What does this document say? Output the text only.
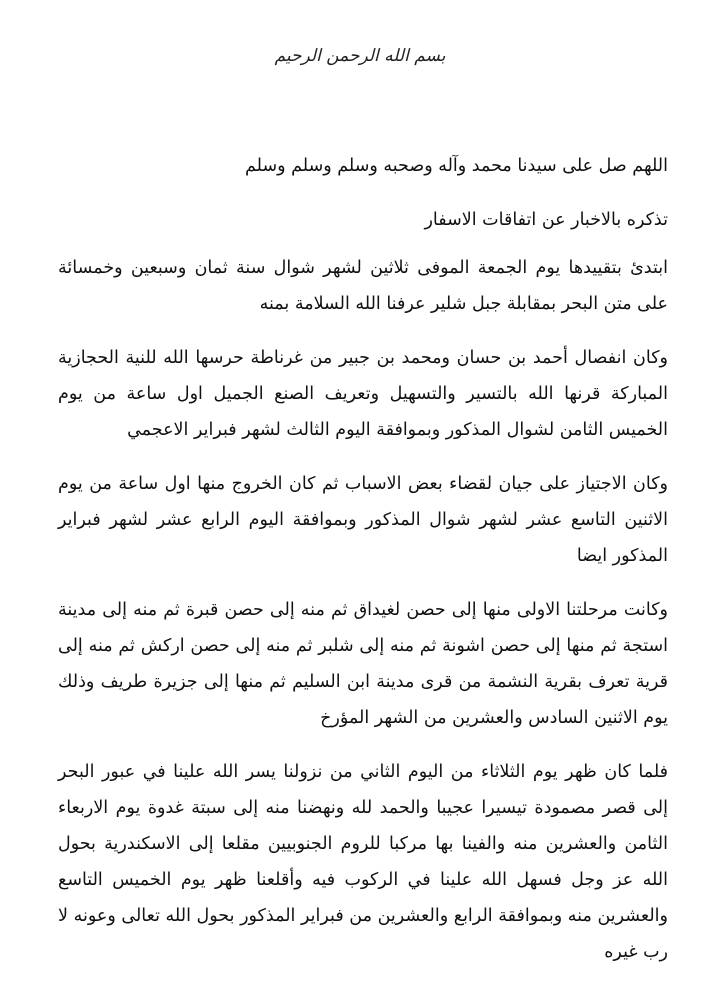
بسم الله الرحمن الرحيم

اللهم صل على سيدنا محمد وآله وصحبه وسلم وسلم وسلم

تذكره بالاخبار عن اتفاقات الاسفار

ابتدئ بتقييدها يوم الجمعة الموفى ثلاثين لشهر شوال سنة ثمان وسبعين وخمسائة على متن البحر بمقابلة جبل شلير عرفنا الله السلامة بمنه

وكان انفصال أحمد بن حسان ومحمد بن جبير من غرناطة حرسها الله للنية الحجازية المباركة قرنها الله بالتسير والتسهيل وتعريف الصنع الجميل اول ساعة من يوم الخميس الثامن لشوال المذكور وبموافقة اليوم الثالث لشهر فبراير الاعجمي

وكان الاجتياز على جيان لقضاء بعض الاسباب ثم كان الخروج منها اول ساعة من يوم الاثنين التاسع عشر لشهر شوال المذكور وبموافقة اليوم الرابع عشر لشهر فبراير المذكور ايضا

وكانت مرحلتنا الاولى منها إلى حصن لغيداق ثم منه إلى حصن قبرة ثم منه إلى مدينة استجة ثم منها إلى حصن اشونة ثم منه إلى شلبر ثم منه إلى حصن اركش ثم منه إلى قرية تعرف بقرية النشمة من قرى مدينة ابن السليم ثم منها إلى جزيرة طريف وذلك يوم الاثنين السادس والعشرين من الشهر المؤرخ

فلما كان ظهر يوم الثلاثاء من اليوم الثاني من نزولنا يسر الله علينا في عبور البحر إلى قصر مصمودة تيسيرا عجيبا والحمد لله ونهضنا منه إلى سبتة غدوة يوم الاربعاء الثامن والعشرين منه والفينا بها مركبا للروم الجنوبيين مقلعا إلى الاسكندرية بحول الله عز وجل فسهل الله علينا في الركوب فيه وأقلعنا ظهر يوم الخميس التاسع والعشرين منه وبموافقة الرابع والعشرين من فبراير المذكور بحول الله تعالى وعونه لا رب غيره
